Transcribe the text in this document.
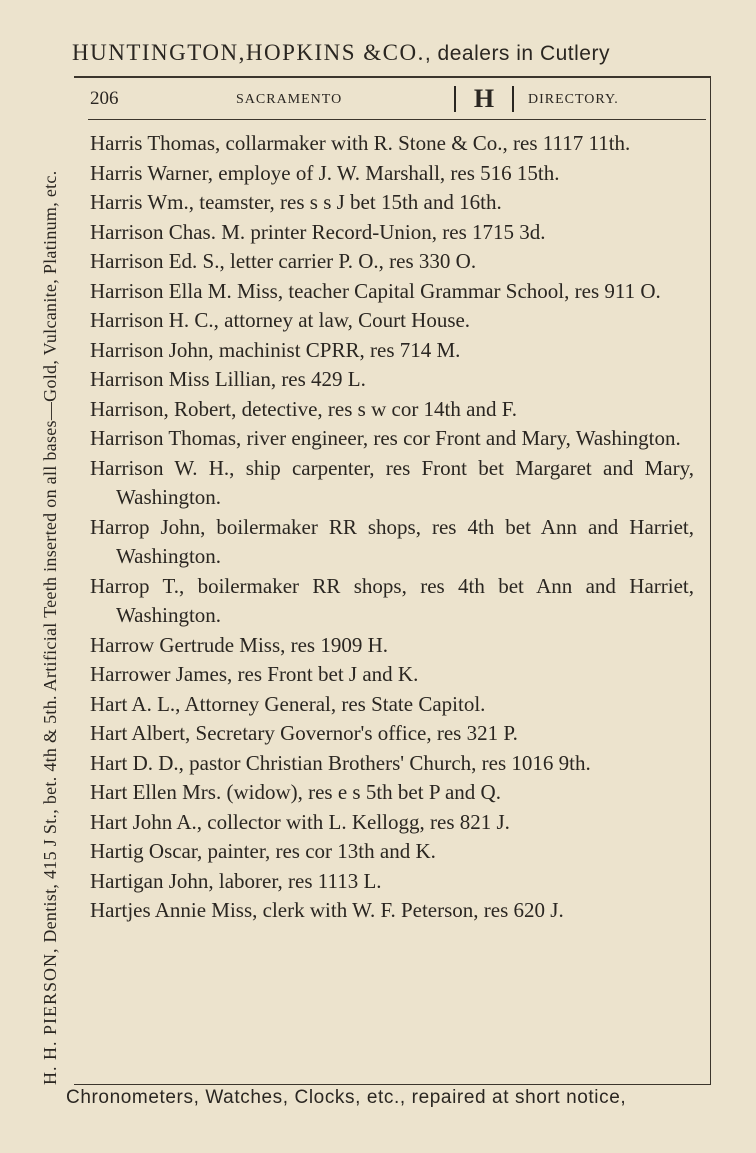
HUNTINGTON,HOPKINS &CO., dealers in Cutlery
H. H. PIERSON, Dentist, 415 J St., bet. 4th & 5th. Artificial Teeth inserted on all bases—Gold, Vulcanite, Platinum, etc.
206	SACRAMENTO	H	DIRECTORY.
Harris Thomas, collarmaker with R. Stone & Co., res 1117 11th.
Harris Warner, employe of J. W. Marshall, res 516 15th.
Harris Wm., teamster, res s s J bet 15th and 16th.
Harrison Chas. M. printer Record-Union, res 1715 3d.
Harrison Ed. S., letter carrier P. O., res 330 O.
Harrison Ella M. Miss, teacher Capital Grammar School, res 911 O.
Harrison H. C., attorney at law, Court House.
Harrison John, machinist CPRR, res 714 M.
Harrison Miss Lillian, res 429 L.
Harrison, Robert, detective, res s w cor 14th and F.
Harrison Thomas, river engineer, res cor Front and Mary, Washington.
Harrison W. H., ship carpenter, res Front bet Margaret and Mary, Washington.
Harrop John, boilermaker RR shops, res 4th bet Ann and Harriet, Washington.
Harrop T., boilermaker RR shops, res 4th bet Ann and Harriet, Washington.
Harrow Gertrude Miss, res 1909 H.
Harrower James, res Front bet J and K.
Hart A. L., Attorney General, res State Capitol.
Hart Albert, Secretary Governor's office, res 321 P.
Hart D. D., pastor Christian Brothers' Church, res 1016 9th.
Hart Ellen Mrs. (widow), res e s 5th bet P and Q.
Hart John A., collector with L. Kellogg, res 821 J.
Hartig Oscar, painter, res cor 13th and K.
Hartigan John, laborer, res 1113 L.
Hartjes Annie Miss, clerk with W. F. Peterson, res 620 J.
Chronometers, Watches, Clocks, etc., repaired at short notice,
